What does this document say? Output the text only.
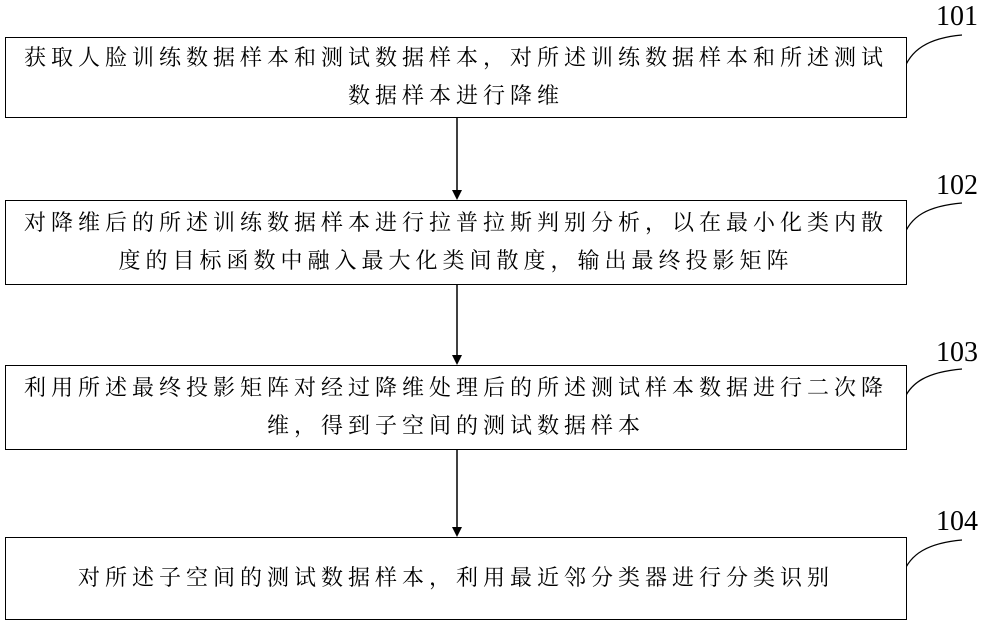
获取人脸训练数据样本和测试数据样本，对所述训练数据样本和所述测试
数据样本进行降维
101
对降维后的所述训练数据样本进行拉普拉斯判别分析，以在最小化类内散
度的目标函数中融入最大化类间散度，输出最终投影矩阵
102
利用所述最终投影矩阵对经过降维处理后的所述测试样本数据进行二次降
维，得到子空间的测试数据样本
103
对所述子空间的测试数据样本，利用最近邻分类器进行分类识别
104
